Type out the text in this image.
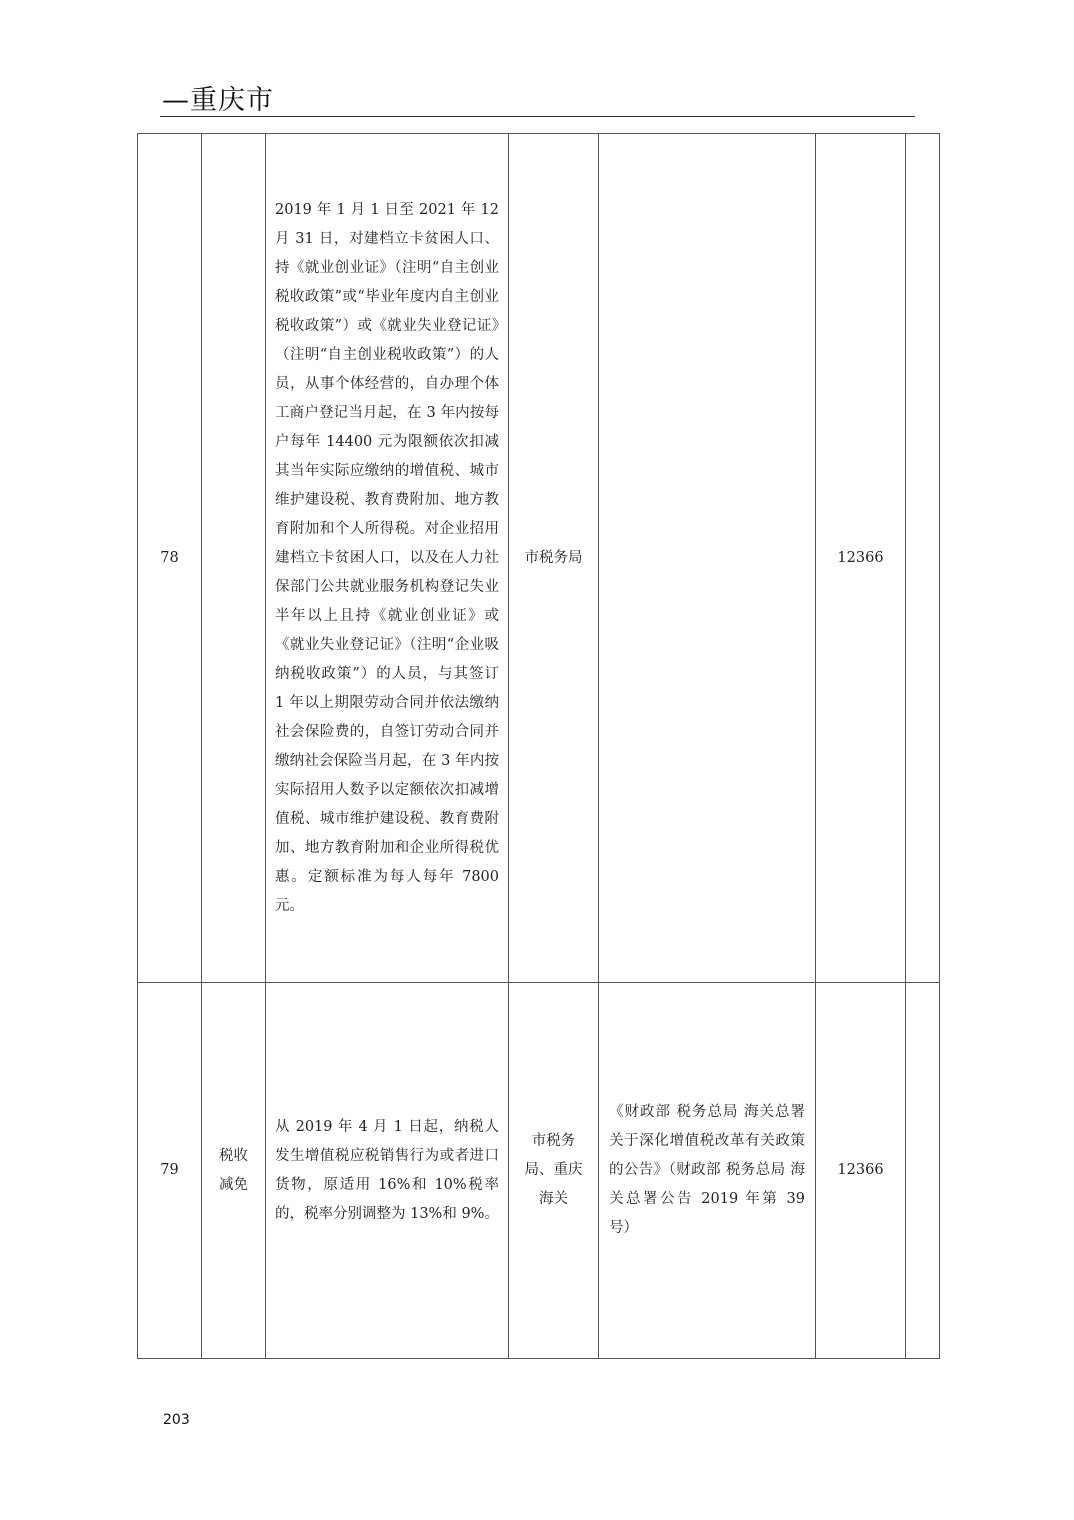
—重庆市
78		2019 年 1 月 1 日至 2021 年 12 月 31 日，对建档立卡贫困人口、持《就业创业证》（注明“自主创业税收政策”或“毕业年度内自主创业税收政策”）或《就业失业登记证》（注明“自主创业税收政策”）的人员，从事个体经营的，自办理个体工商户登记当月起，在 3 年内按每户每年 14400 元为限额依次扣减其当年实际应缴纳的增值税、城市维护建设税、教育费附加、地方教育附加和个人所得税。对企业招用建档立卡贫困人口，以及在人力社保部门公共就业服务机构登记失业半年以上且持《就业创业证》或《就业失业登记证》（注明“企业吸纳税收政策”）的人员，与其签订 1 年以上期限劳动合同并依法缴纳社会保险费的，自签订劳动合同并缴纳社会保险当月起，在 3 年内按实际招用人数予以定额依次扣减增值税、城市维护建设税、教育费附加、地方教育附加和企业所得税优惠。定额标准为每人每年 7800 元。	市税务局		12366	
79	税收减免	从 2019 年 4 月 1 日起，纳税人发生增值税应税销售行为或者进口货物，原适用 16%和 10%税率的，税率分别调整为 13%和 9%。	市税务局、重庆海关	《财政部 税务总局 海关总署关于深化增值税改革有关政策的公告》（财政部 税务总局 海关总署公告 2019 年第 39 号）	12366	
203
